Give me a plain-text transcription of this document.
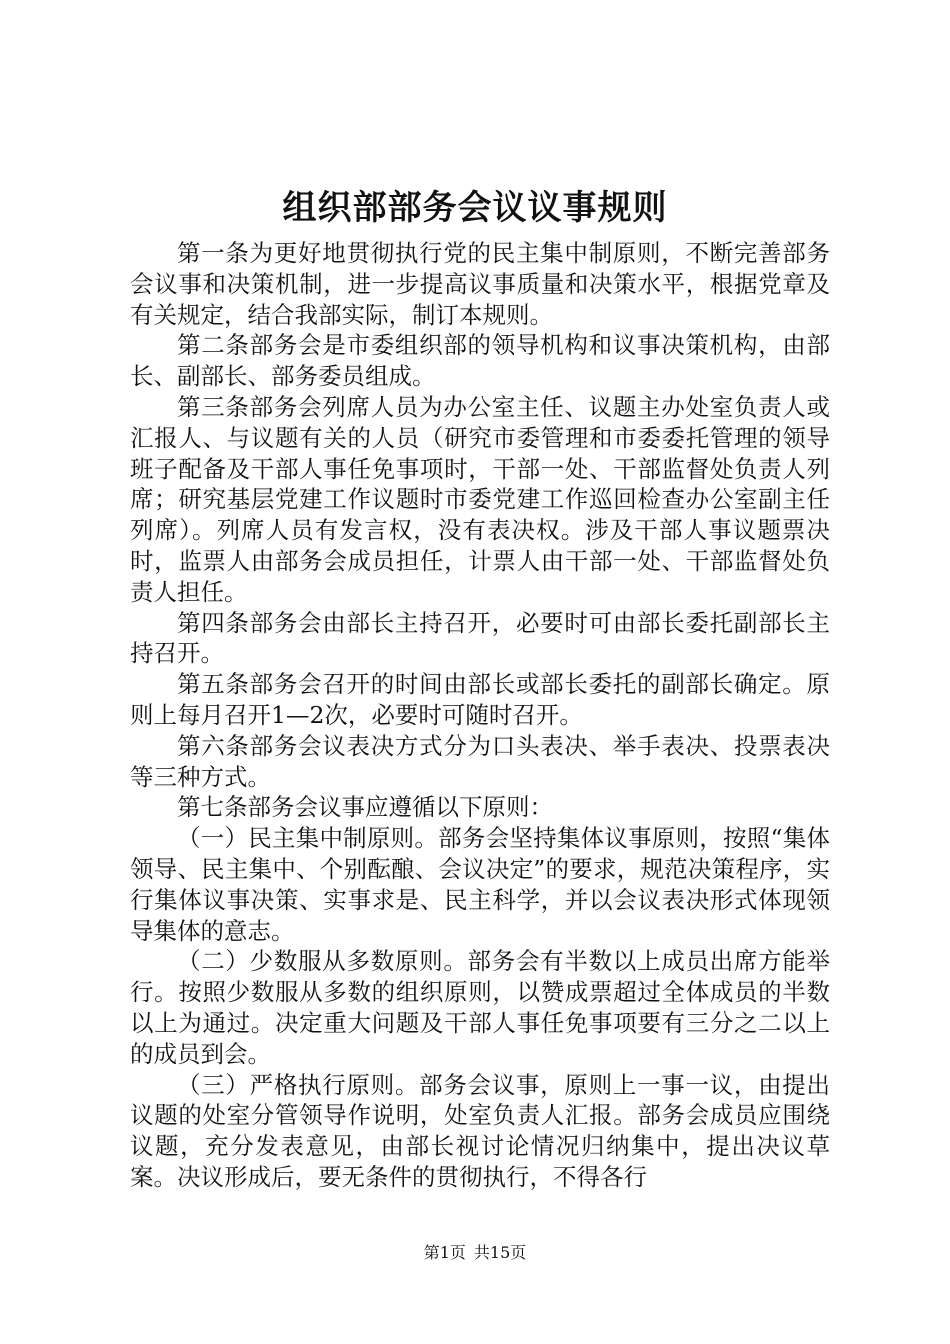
组织部部务会议议事规则

第一条为更好地贯彻执行党的民主集中制原则，不断完善部务会议事和决策机制，进一步提高议事质量和决策水平，根据党章及有关规定，结合我部实际，制订本规则。

第二条部务会是市委组织部的领导机构和议事决策机构，由部长、副部长、部务委员组成。

第三条部务会列席人员为办公室主任、议题主办处室负责人或汇报人、与议题有关的人员（研究市委管理和市委委托管理的领导班子配备及干部人事任免事项时，干部一处、干部监督处负责人列席；研究基层党建工作议题时市委党建工作巡回检查办公室副主任列席）。列席人员有发言权，没有表决权。涉及干部人事议题票决时，监票人由部务会成员担任，计票人由干部一处、干部监督处负责人担任。

第四条部务会由部长主持召开，必要时可由部长委托副部长主持召开。

第五条部务会召开的时间由部长或部长委托的副部长确定。原则上每月召开1—2次，必要时可随时召开。

第六条部务会议表决方式分为口头表决、举手表决、投票表决等三种方式。

第七条部务会议事应遵循以下原则：

（一）民主集中制原则。部务会坚持集体议事原则，按照“集体领导、民主集中、个别酝酿、会议决定”的要求，规范决策程序，实行集体议事决策、实事求是、民主科学，并以会议表决形式体现领导集体的意志。

（二）少数服从多数原则。部务会有半数以上成员出席方能举行。按照少数服从多数的组织原则，以赞成票超过全体成员的半数以上为通过。决定重大问题及干部人事任免事项要有三分之二以上的成员到会。

（三）严格执行原则。部务会议事，原则上一事一议，由提出议题的处室分管领导作说明，处室负责人汇报。部务会成员应围绕议题，充分发表意见，由部长视讨论情况归纳集中，提出决议草案。决议形成后，要无条件的贯彻执行，不得各行

第1页 共15页
